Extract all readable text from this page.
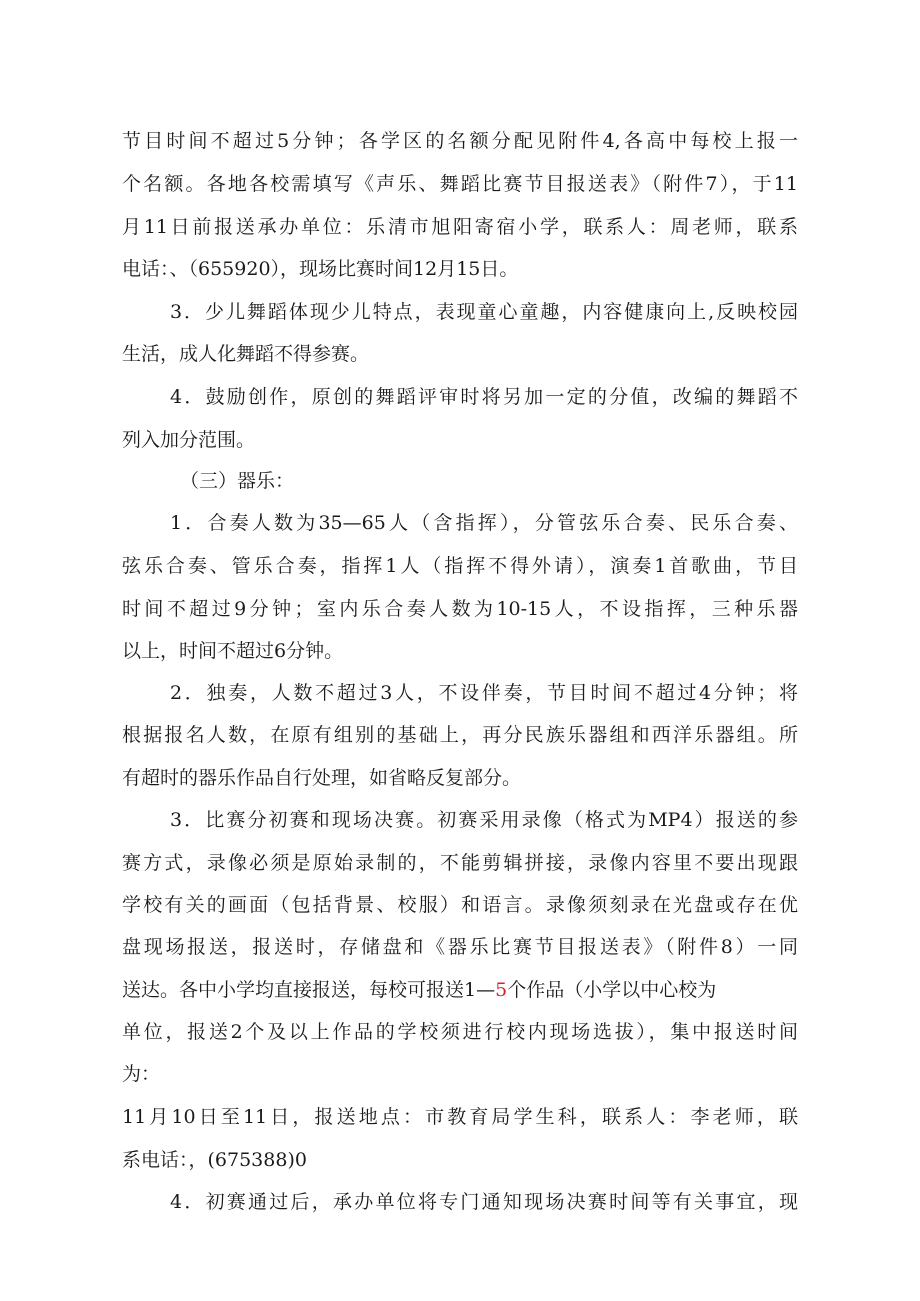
节目时间不超过5分钟；各学区的名额分配见附件4,各高中每校上报一
个名额。各地各校需填写《声乐、舞蹈比赛节目报送表》（附件7），于11
月11日前报送承办单位：乐清市旭阳寄宿小学，联系人：周老师，联系
电话：、（655920），现场比赛时间12月15日。
3．少儿舞蹈体现少儿特点，表现童心童趣，内容健康向上,反映校园
生活，成人化舞蹈不得参赛。
4．鼓励创作，原创的舞蹈评审时将另加一定的分值，改编的舞蹈不
列入加分范围。
（三）器乐：
1．合奏人数为35—65人（含指挥），分管弦乐合奏、民乐合奏、
弦乐合奏、管乐合奏，指挥1人（指挥不得外请），演奏1首歌曲，节目
时间不超过9分钟；室内乐合奏人数为10-15人，不设指挥，三种乐器
以上，时间不超过6分钟。
2．独奏，人数不超过3人，不设伴奏，节目时间不超过4分钟；将
根据报名人数，在原有组别的基础上，再分民族乐器组和西洋乐器组。所
有超时的器乐作品自行处理，如省略反复部分。
3．比赛分初赛和现场决赛。初赛采用录像（格式为MP4）报送的参
赛方式，录像必须是原始录制的，不能剪辑拼接，录像内容里不要出现跟
学校有关的画面（包括背景、校服）和语言。录像须刻录在光盘或存在优
盘现场报送，报送时，存储盘和《器乐比赛节目报送表》（附件8）一同
送达。各中小学均直接报送，每校可报送1—5个作品（小学以中心校为
单位，报送2个及以上作品的学校须进行校内现场选拔），集中报送时间
为：
11月10日至11日，报送地点：市教育局学生科，联系人：李老师，联
系电话：，(675388)0
4．初赛通过后，承办单位将专门通知现场决赛时间等有关事宜，现
